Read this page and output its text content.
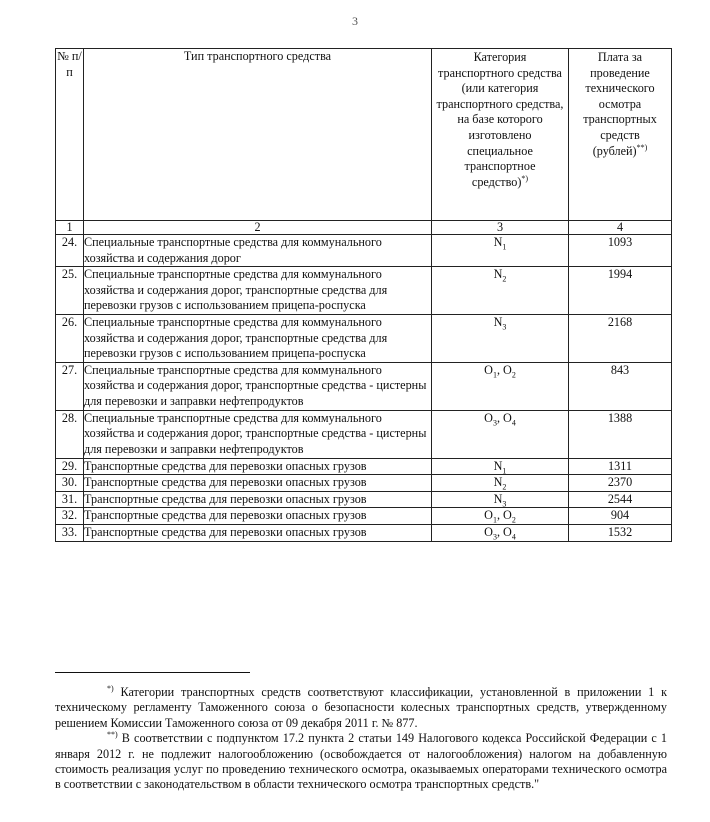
3
№ п/п	Тип транспортного средства	Категория транспортного средства (или категория транспортного средства, на базе которого изготовлено специальное транспортное средство)*)	Плата за проведение технического осмотра транспортных средств (рублей)**)
1	2	3	4
24.	Специальные транспортные средства для коммунального хозяйства и содержания дорог	$N_1$	1093
25.	Специальные транспортные средства для коммунального хозяйства и содержания дорог, транспортные средства для перевозки грузов с использованием прицепа-роспуска	$N_2$	1994
26.	Специальные транспортные средства для коммунального хозяйства и содержания дорог, транспортные средства для перевозки грузов с использованием прицепа-роспуска	$N_3$	2168
27.	Специальные транспортные средства для коммунального хозяйства и содержания дорог, транспортные средства - цистерны для перевозки и заправки нефтепродуктов	$O_1$, $O_2$	843
28.	Специальные транспортные средства для коммунального хозяйства и содержания дорог, транспортные средства - цистерны для перевозки и заправки нефтепродуктов	$O_3$, $O_4$	1388
29.	Транспортные средства для перевозки опасных грузов	$N_1$	1311
30.	Транспортные средства для перевозки опасных грузов	$N_2$	2370
31.	Транспортные средства для перевозки опасных грузов	$N_3$	2544
32.	Транспортные средства для перевозки опасных грузов	$O_1$, $O_2$	904
33.	Транспортные средства для перевозки опасных грузов	$O_3$, $O_4$	1532

*) Категории транспортных средств соответствуют классификации, установленной в приложении 1 к техническому регламенту Таможенного союза о безопасности колесных транспортных средств, утвержденному решением Комиссии Таможенного союза от 09 декабря 2011 г. № 877.

**) В соответствии с подпунктом 17.2 пункта 2 статьи 149 Налогового кодекса Российской Федерации с 1 января 2012 г. не подлежит налогообложению (освобождается от налогообложения) налогом на добавленную стоимость реализация услуг по проведению технического осмотра, оказываемых операторами технического осмотра в соответствии с законодательством в области технического осмотра транспортных средств."
